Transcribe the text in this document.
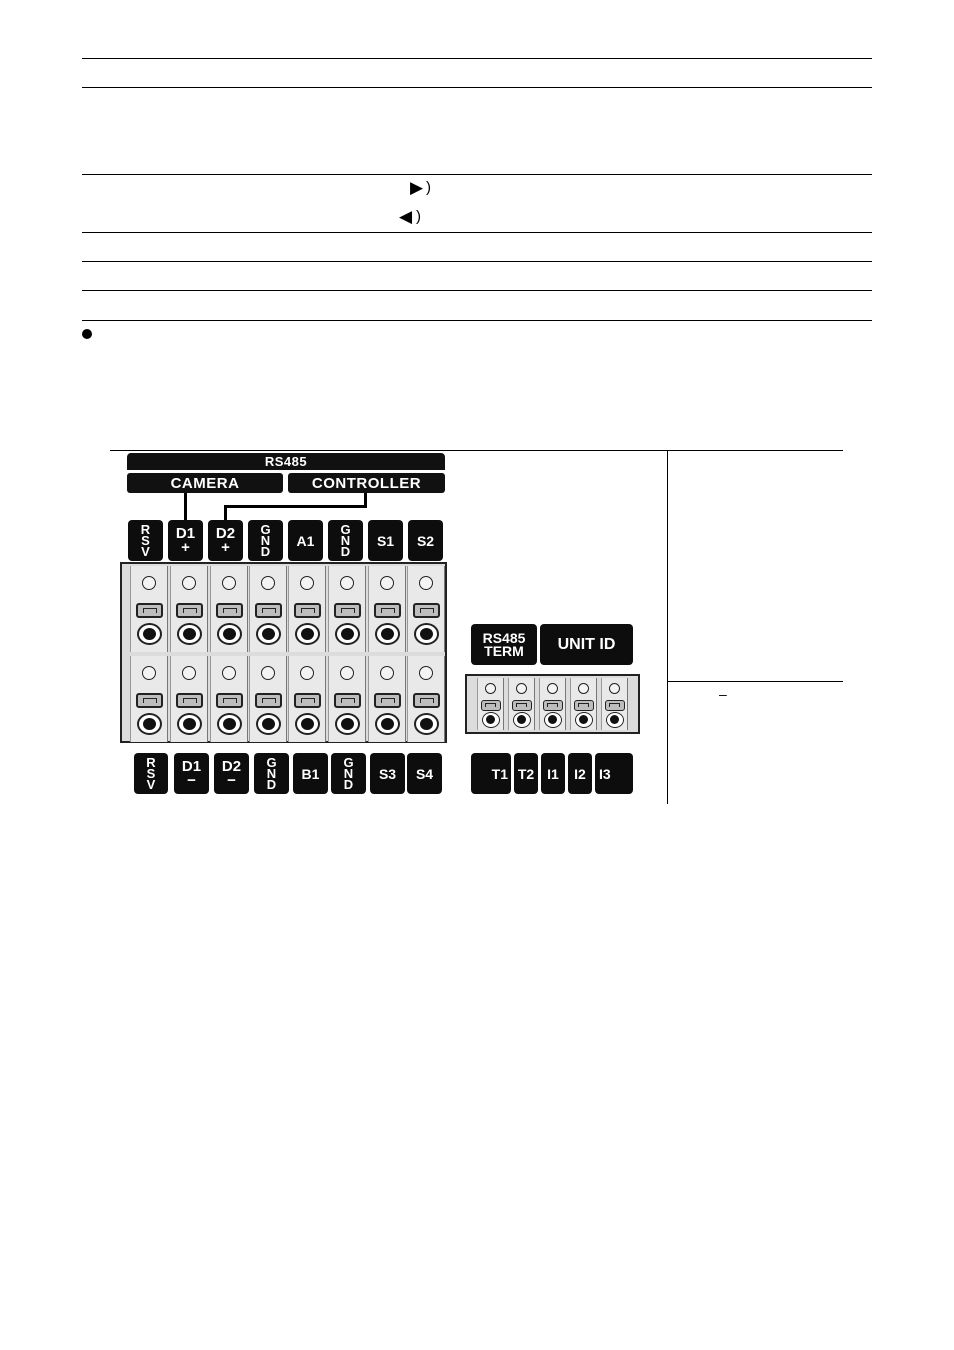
▶ )
◀ )
–
RS485
CAMERA	CONTROLLER
R
S
V
D1
+
D2
+
G
N
D
A1
G
N
D
S1	S2
R
S
V
D1
−
D2
−
G
N
D
B1
G
N
D
S3	S4
RS485
TERM	UNIT ID
T1 T2 I1	I2 I3
